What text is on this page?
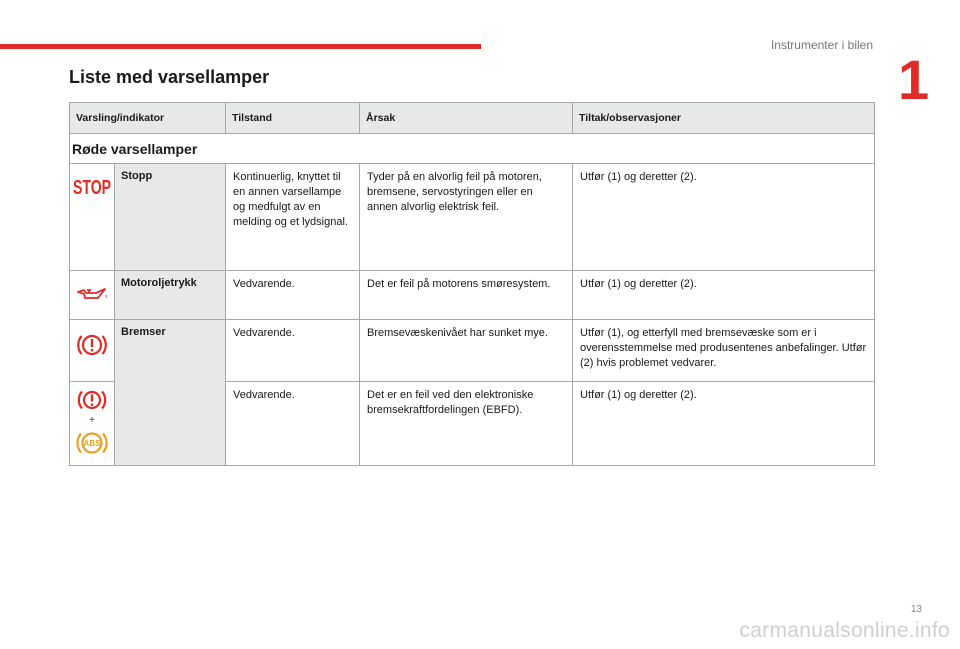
Instrumenter i bilen
1
Liste med varsellamper
Varsling/indikator		Tilstand	Årsak	Tiltak/observasjoner
Røde varsellamper				

STOP	Stopp	Kontinuerlig, knyttet til en annen varsellampe og medfulgt av en melding og et lydsignal.	Tyder på en alvorlig feil på motoren, bremsene, servostyringen eller en annen alvorlig elektrisk feil.	Utfør (1) og deretter (2).

	Motoroljetrykk	Vedvarende.	Det er feil på motorens smøresystem.	Utfør (1) og deretter (2).

	Bremser	Vedvarende.	Bremsevæskenivået har sunket mye.	Utfør (1), og etterfyll med bremsevæske som er i overensstemmelse med produsentenes anbefalinger. Utfør (2) hvis problemet vedvarer.

+
ABS		Vedvarende.	Det er en feil ved den elektroniske bremsekraftfordelingen (EBFD).	Utfør (1) og deretter (2).
13
carmanualsonline.info
